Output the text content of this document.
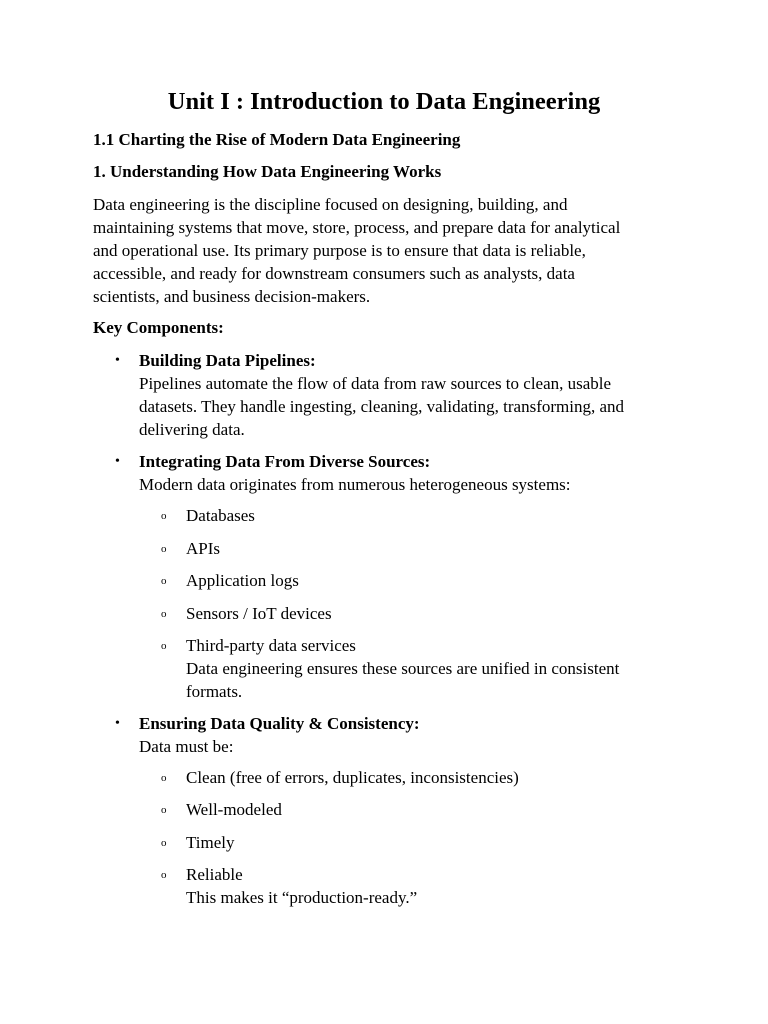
Unit I : Introduction to Data Engineering
1.1 Charting the Rise of Modern Data Engineering
1. Understanding How Data Engineering Works
Data engineering is the discipline focused on designing, building, and
maintaining systems that move, store, process, and prepare data for analytical
and operational use. Its primary purpose is to ensure that data is reliable,
accessible, and ready for downstream consumers such as analysts, data
scientists, and business decision-makers.
Key Components:
• Building Data Pipelines:
Pipelines automate the flow of data from raw sources to clean, usable
datasets. They handle ingesting, cleaning, validating, transforming, and
delivering data.
• Integrating Data From Diverse Sources:
Modern data originates from numerous heterogeneous systems:
o Databases
o APIs
o Application logs
o Sensors / IoT devices
o Third-party data services
Data engineering ensures these sources are unified in consistent
formats.
• Ensuring Data Quality & Consistency:
Data must be:
o Clean (free of errors, duplicates, inconsistencies)
o Well-modeled
o Timely
o Reliable
This makes it “production-ready.”
